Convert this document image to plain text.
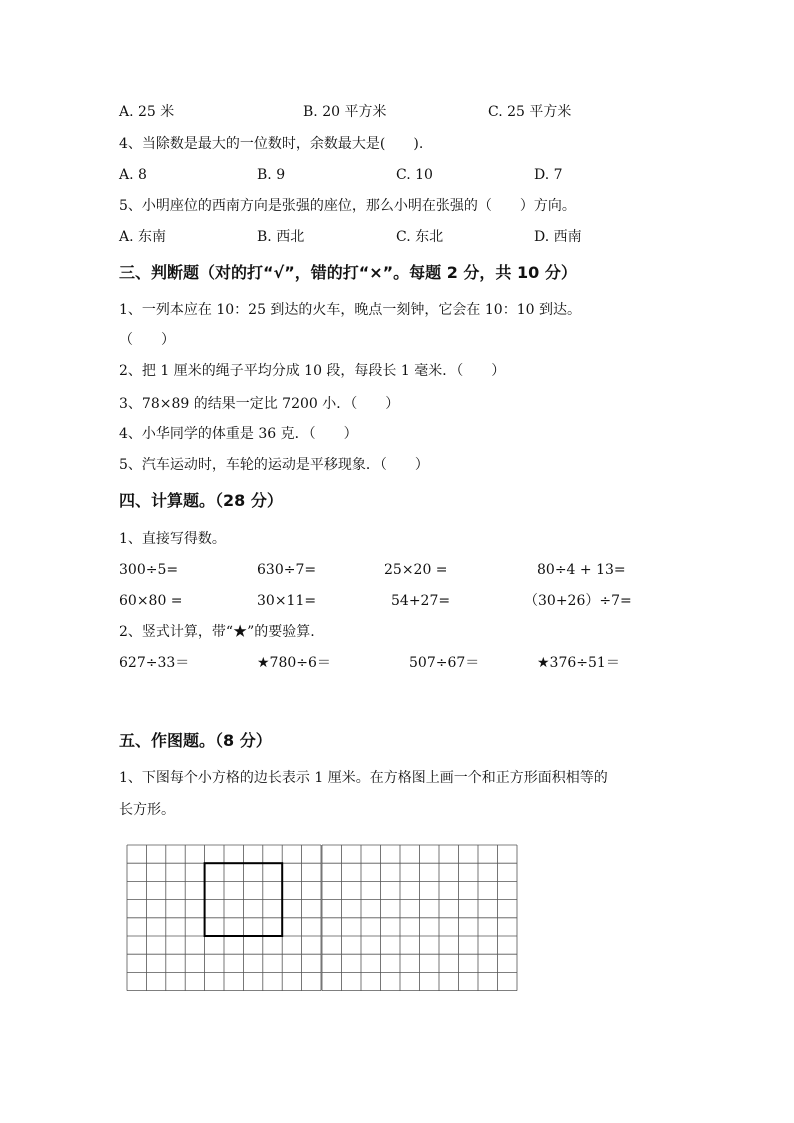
A. 25 米	B. 20 平方米	C. 25 平方米
4、当除数是最大的一位数时，余数最大是(　　).
A. 8	B. 9	C. 10	D. 7
5、小明座位的西南方向是张强的座位，那么小明在张强的（　　）方向。
A. 东南	B. 西北	C. 东北	D. 西南
三、判断题（对的打“√”，错的打“×”。每题 2 分，共 10 分）
1、一列本应在 10：25 到达的火车，晚点一刻钟，它会在 10：10 到达。
（　　）
2、把 1 厘米的绳子平均分成 10 段，每段长 1 毫米．（　　）
3、78×89 的结果一定比 7200 小．（　　）
4、小华同学的体重是 36 克．（　　）
5、汽车运动时，车轮的运动是平移现象．（　　）
四、计算题。（28 分）
1、直接写得数。
300÷5=	630÷7=	25×20 =	80÷4 + 13=
60×80 =	30×11=	54+27=	（30+26）÷7=
2、竖式计算，带“★”的要验算.
627÷33＝	★780÷6＝	507÷67＝	★376÷51＝
五、作图题。（8 分）
1、下图每个小方格的边长表示 1 厘米。在方格图上画一个和正方形面积相等的
长方形。
